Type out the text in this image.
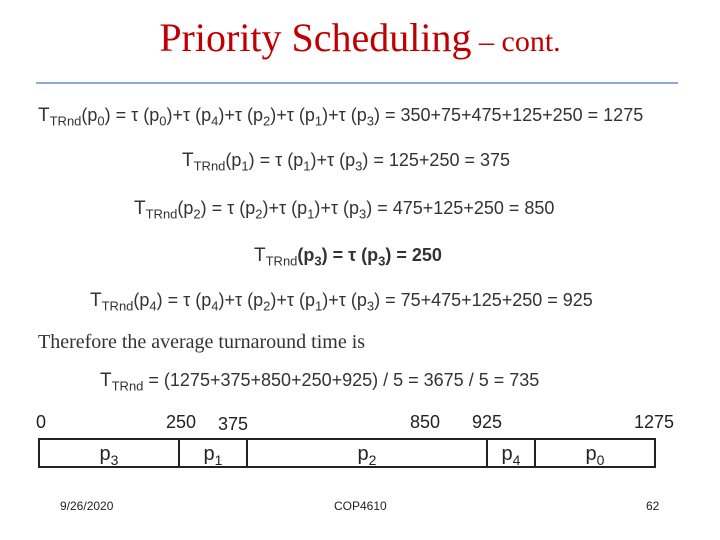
Priority Scheduling – cont.
$T_{TRnd}(p_0) = \tau$ $(p_0)+\tau$ $(p_4)+\tau$ $(p_2)+\tau$ $(p_1)+\tau$ $(p_3) = 350+75+475+125+250 = 1275$
$T_{TRnd}(p_1) = \tau$ $(p_1)+\tau$ $(p_3) = 125+250 = 375$
$T_{TRnd}(p_2) = \tau$ $(p_2)+\tau$ $(p_1)+\tau$ $(p_3) = 475+125+250 = 850$
$T_{TRnd}(p_3) = \tau$ $(p_3) = 250$
$T_{TRnd}(p_4) = \tau$ $(p_4)+\tau$ $(p_2)+\tau$ $(p_1)+\tau$ $(p_3) = 75+475+125+250 = 925$
Therefore the average turnaround time is
$T_{TRnd} = (1275+375+850+250+925) / 5 = 3675 / 5 = 735$
0	250 375	850 925	1275
$p_3$	$p_1$	$p_2$	$p_4$	$p_0$
9/26/2020	COP4610	62
